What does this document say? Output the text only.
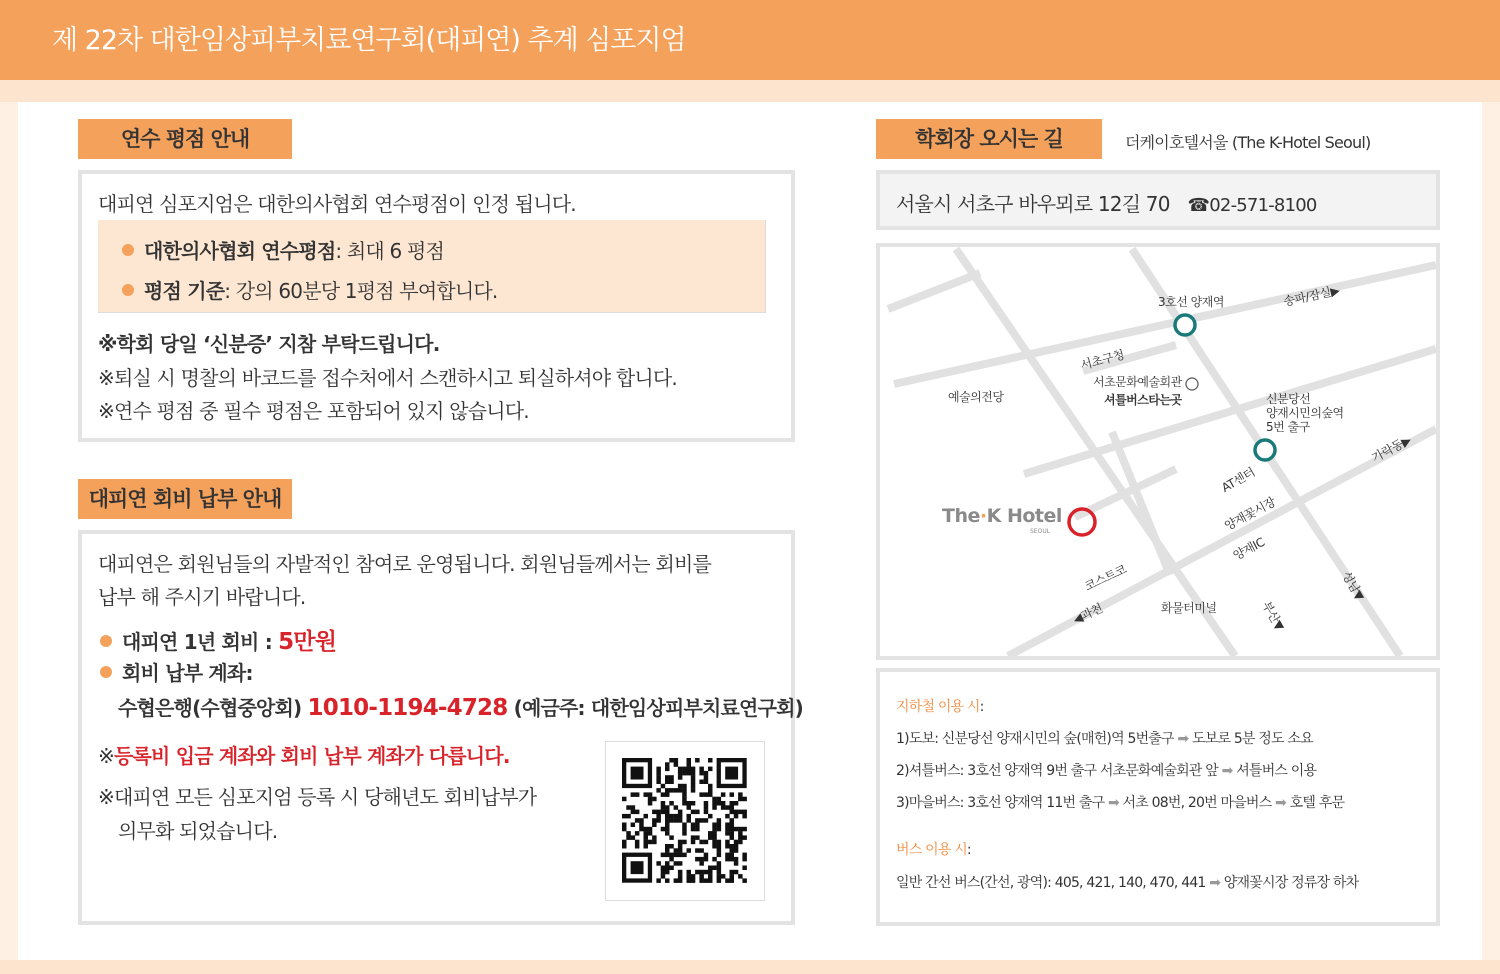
제 22차 대한임상피부치료연구회(대피연) 추계 심포지엄
연수 평점 안내
대피연 심포지엄은 대한의사협회 연수평점이 인정 됩니다.
대한의사협회 연수평점: 최대 6 평점
평점 기준: 강의 60분당 1평점 부여합니다.
※학회 당일 ‘신분증’ 지참 부탁드립니다.
※퇴실 시 명찰의 바코드를 접수처에서 스캔하시고 퇴실하셔야 합니다.
※연수 평점 중 필수 평점은 포함되어 있지 않습니다.
대피연 회비 납부 안내
대피연은 회원님들의 자발적인 참여로 운영됩니다. 회원님들께서는 회비를
납부 해 주시기 바랍니다.
대피연 1년 회비 : 5만원
회비 납부 계좌:
수협은행(수협중앙회) 1010-1194-4728 (예금주: 대한임상피부치료연구회)
※등록비 입금 계좌와 회비 납부 계좌가 다릅니다.
※대피연 모든 심포지엄 등록 시 당해년도 회비납부가
의무화 되었습니다.
학회장 오시는 길	더케이호텔서울 (The K-Hotel Seoul)
서울시 서초구 바우뫼로 12길 70 ☎02-571-8100
3호선 양재역	송파/잠실▶
서초구청
서초문화예술회관
셔틀버스타는곳
예술의전당	신분당선
양재시민의숲역
5번 출구
가락동▶
AT센터
양재꽃시장
양재IC
코스트코
◀과천	화물터미널	부산▼
성남▼
The·K Hotel
SEOUL
지하철 이용 시:
1)도보: 신분당선 양재시민의 숲(매헌)역 5번출구 ➡ 도보로 5분 정도 소요
2)셔틀버스: 3호선 양재역 9번 출구 서초문화예술회관 앞 ➡ 셔틀버스 이용
3)마을버스: 3호선 양재역 11번 출구 ➡ 서초 08번, 20번 마을버스 ➡ 호텔 후문
버스 이용 시:
일반 간선 버스(간선, 광역): 405, 421, 140, 470, 441 ➡ 양재꽃시장 정류장 하차
